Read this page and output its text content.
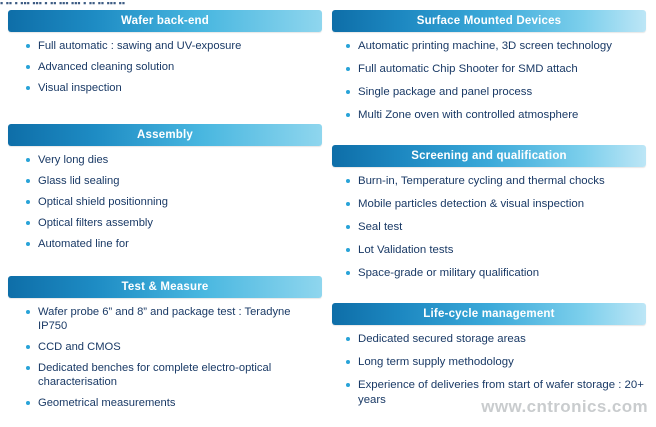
▪ ▪▪ ▪ ▪▪▪ ▪▪▪ ▪ ▪▪ ▪▪▪ ▪▪▪ ▪ ▪▪ ▪▪ ▪▪▪ ▪▪
Wafer back-end
Full automatic : sawing and UV-exposure
Advanced cleaning solution
Visual inspection
Assembly
Very long dies
Glass lid sealing
Optical shield positionning
Optical filters assembly
Automated line for
Test & Measure
Wafer probe 6” and 8” and package test : Teradyne IP750
CCD and CMOS
Dedicated benches for complete electro-optical characterisation
Geometrical measurements
Surface Mounted Devices
Automatic printing machine, 3D screen technology
Full automatic Chip Shooter for SMD attach
Single package and panel process
Multi Zone oven with controlled atmosphere
Screening and qualification
Burn-in, Temperature cycling and thermal chocks
Mobile particles detection & visual inspection
Seal test
Lot Validation tests
Space-grade or military qualification
Life-cycle management
Dedicated secured storage areas
Long term supply methodology
Experience of deliveries from start of wafer storage : 20+ years	www.cntronics.com
